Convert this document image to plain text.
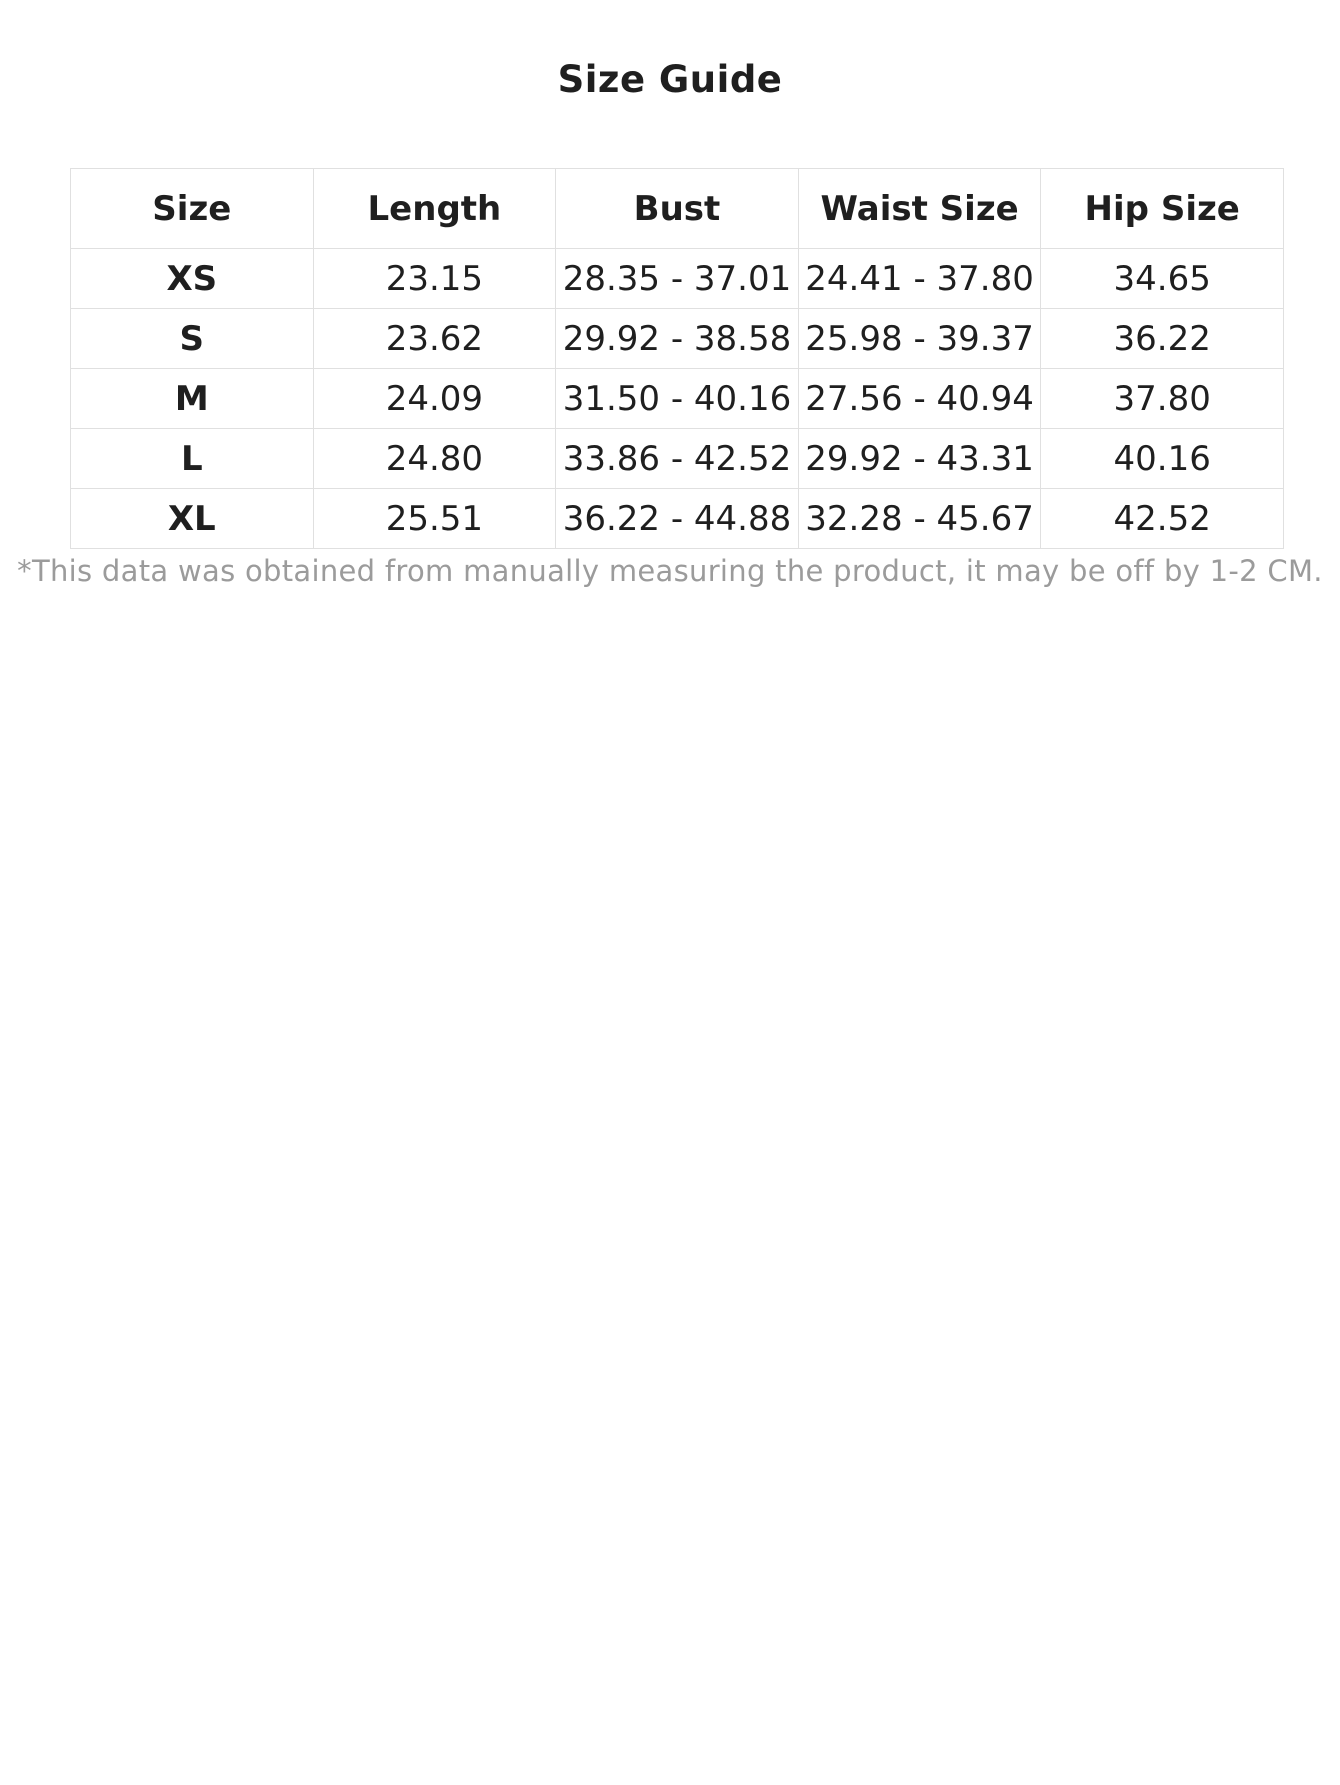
Size Guide
Size	Length	Bust	Waist Size	Hip Size
XS	23.15	28.35 - 37.01	24.41 - 37.80	34.65
S	23.62	29.92 - 38.58	25.98 - 39.37	36.22
M	24.09	31.50 - 40.16	27.56 - 40.94	37.80
L	24.80	33.86 - 42.52	29.92 - 43.31	40.16
XL	25.51	36.22 - 44.88	32.28 - 45.67	42.52
*This data was obtained from manually measuring the product, it may be off by 1-2 CM.
